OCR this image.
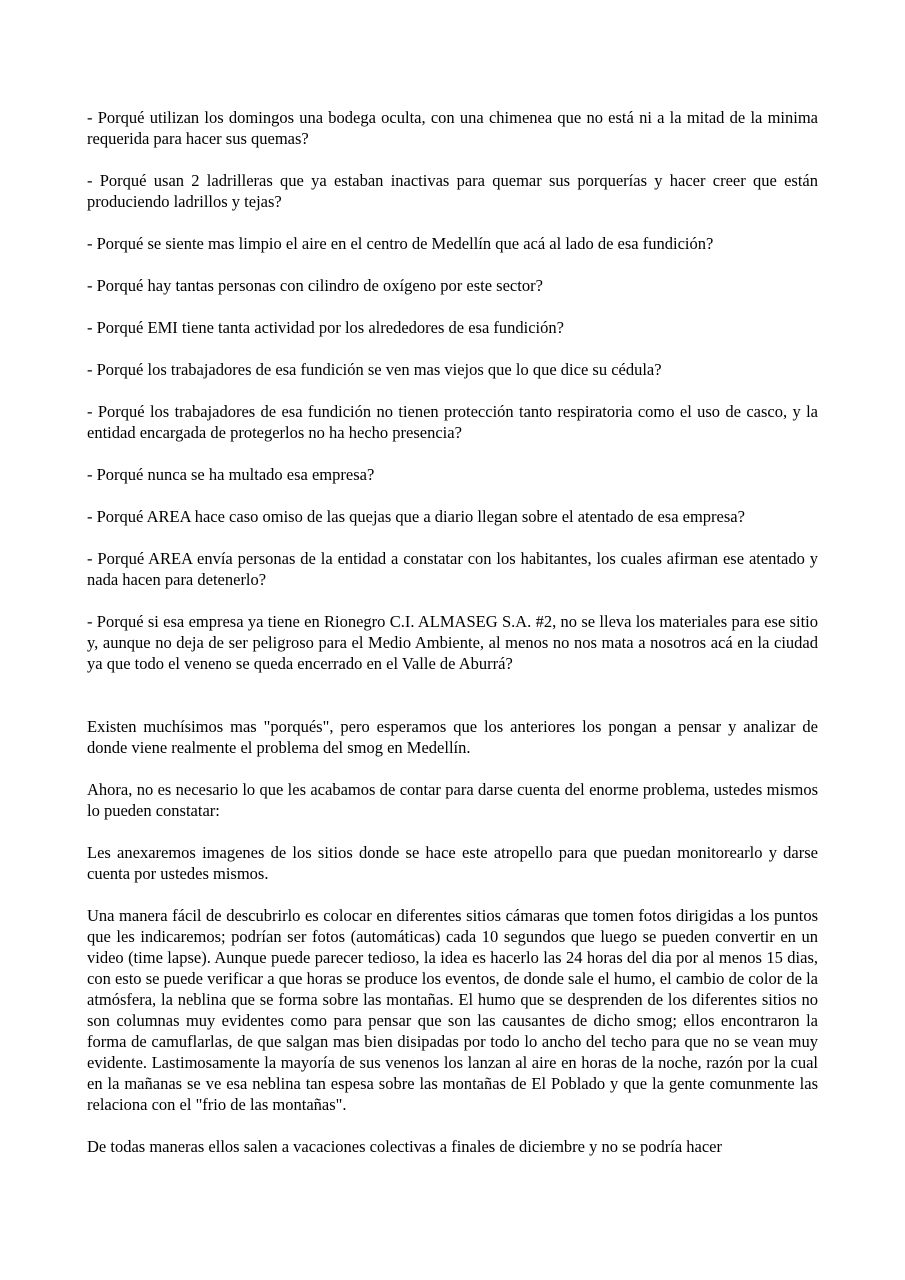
- Porqué utilizan los domingos una bodega oculta, con una chimenea que no está ni a la mitad de la minima requerida para hacer sus quemas?

- Porqué usan 2 ladrilleras que ya estaban inactivas para quemar sus porquerías y hacer creer que están produciendo ladrillos y tejas?

- Porqué se siente mas limpio el aire en el centro de Medellín que acá al lado de esa fundición?

- Porqué hay tantas personas con cilindro de oxígeno por este sector?

- Porqué EMI tiene tanta actividad por los alrededores de esa fundición?

- Porqué los trabajadores de esa fundición se ven mas viejos que lo que dice su cédula?

- Porqué los trabajadores de esa fundición no tienen protección tanto respiratoria como el uso de casco, y la entidad encargada de protegerlos no ha hecho presencia?

- Porqué nunca se ha multado esa empresa?

- Porqué AREA hace caso omiso de las quejas que a diario llegan sobre el atentado de esa empresa?

- Porqué AREA envía personas de la entidad a constatar con los habitantes, los cuales afirman ese atentado y nada hacen para detenerlo?

- Porqué si esa empresa ya tiene en Rionegro C.I. ALMASEG S.A. #2, no se lleva los materiales para ese sitio y, aunque no deja de ser peligroso para el Medio Ambiente, al menos no nos mata a nosotros acá en la ciudad ya que todo el veneno se queda encerrado en el Valle de Aburrá?

Existen muchísimos mas "porqués", pero esperamos que los anteriores los pongan a pensar y analizar de donde viene realmente el problema del smog en Medellín.

Ahora, no es necesario lo que les acabamos de contar para darse cuenta del enorme problema, ustedes mismos lo pueden constatar:

Les anexaremos imagenes de los sitios donde se hace este atropello para que puedan monitorearlo y darse cuenta por ustedes mismos.

Una manera fácil de descubrirlo es colocar en diferentes sitios cámaras que tomen fotos dirigidas a los puntos que les indicaremos; podrían ser fotos (automáticas) cada 10 segundos que luego se pueden convertir en un video (time lapse). Aunque puede parecer tedioso, la idea es hacerlo las 24 horas del dia por al menos 15 dias, con esto se puede verificar a que horas se produce los eventos, de donde sale el humo, el cambio de color de la atmósfera, la neblina que se forma sobre las montañas. El humo que se desprenden de los diferentes sitios no son columnas muy evidentes como para pensar que son las causantes de dicho smog; ellos encontraron la forma de camuflarlas, de que salgan mas bien disipadas por todo lo ancho del techo para que no se vean muy evidente. Lastimosamente la mayoría de sus venenos los lanzan al aire en horas de la noche, razón por la cual en la mañanas se ve esa neblina tan espesa sobre las montañas de El Poblado y que la gente comunmente las relaciona con el "frio de las montañas".

De todas maneras ellos salen a vacaciones colectivas a finales de diciembre y no se podría hacer
